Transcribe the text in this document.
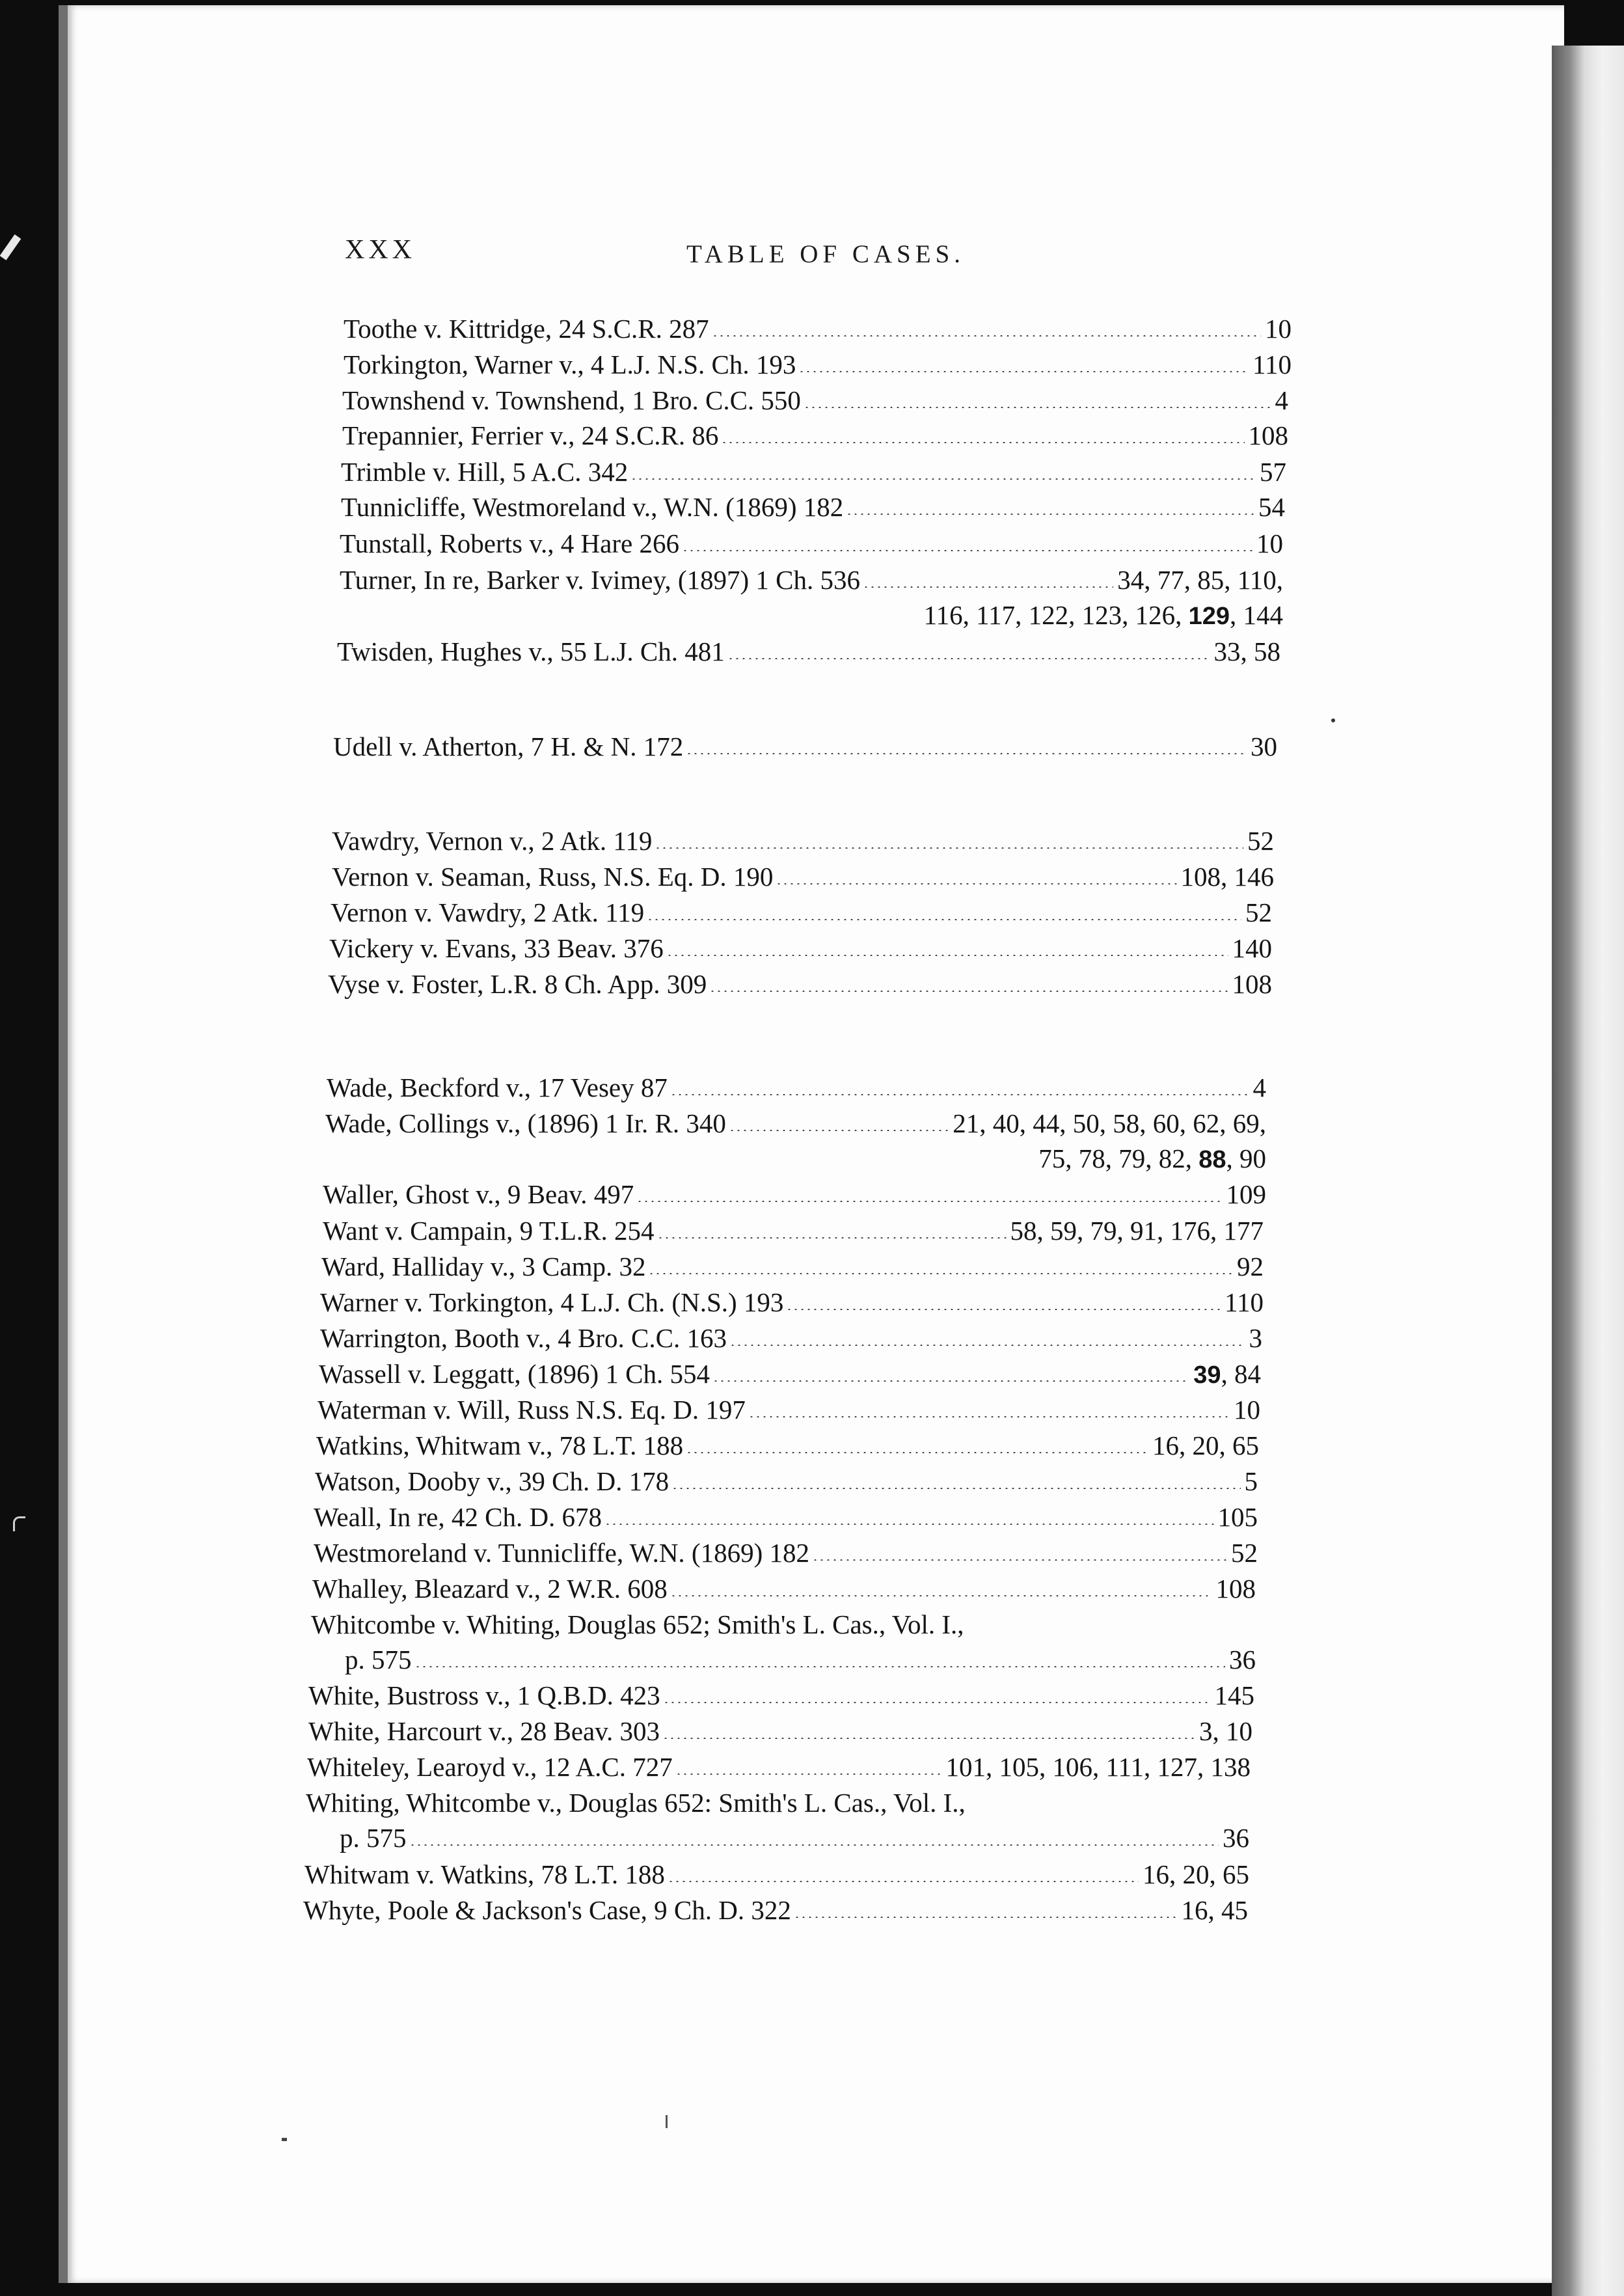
XXX	TABLE OF CASES.
Toothe v. Kittridge, 24 S.C.R. 287	10
Torkington, Warner v., 4 L.J. N.S. Ch. 193	110
Townshend v. Townshend, 1 Bro. C.C. 550	4
Trepannier, Ferrier v., 24 S.C.R. 86	108
Trimble v. Hill, 5 A.C. 342	57
Tunnicliffe, Westmoreland v., W.N. (1869) 182	54
Tunstall, Roberts v., 4 Hare 266	10
Turner, In re, Barker v. Ivimey, (1897) 1 Ch. 536	34, 77, 85, 110,
116, 117, 122, 123, 126, 129, 144
Twisden, Hughes v., 55 L.J. Ch. 481	33, 58
Udell v. Atherton, 7 H. & N. 172	30
Vawdry, Vernon v., 2 Atk. 119	52
Vernon v. Seaman, Russ, N.S. Eq. D. 190	108, 146
Vernon v. Vawdry, 2 Atk. 119	52
Vickery v. Evans, 33 Beav. 376	140
Vyse v. Foster, L.R. 8 Ch. App. 309	108
Wade, Beckford v., 17 Vesey 87	4
Wade, Collings v., (1896) 1 Ir. R. 340	21, 40, 44, 50, 58, 60, 62, 69,
75, 78, 79, 82, 88, 90
Waller, Ghost v., 9 Beav. 497	109
Want v. Campain, 9 T.L.R. 254	58, 59, 79, 91, 176, 177
Ward, Halliday v., 3 Camp. 32	92
Warner v. Torkington, 4 L.J. Ch. (N.S.) 193	110
Warrington, Booth v., 4 Bro. C.C. 163	3
Wassell v. Leggatt, (1896) 1 Ch. 554	39, 84
Waterman v. Will, Russ N.S. Eq. D. 197	10
Watkins, Whitwam v., 78 L.T. 188	16, 20, 65
Watson, Dooby v., 39 Ch. D. 178	5
Weall, In re, 42 Ch. D. 678	105
Westmoreland v. Tunnicliffe, W.N. (1869) 182	52
Whalley, Bleazard v., 2 W.R. 608	108
Whitcombe v. Whiting, Douglas 652; Smith's L. Cas., Vol. I.,
p. 575	36
White, Bustross v., 1 Q.B.D. 423	145
White, Harcourt v., 28 Beav. 303	3, 10
Whiteley, Learoyd v., 12 A.C. 727	101, 105, 106, 111, 127, 138
Whiting, Whitcombe v., Douglas 652: Smith's L. Cas., Vol. I.,
p. 575	36
Whitwam v. Watkins, 78 L.T. 188	16, 20, 65
Whyte, Poole & Jackson's Case, 9 Ch. D. 322	16, 45
